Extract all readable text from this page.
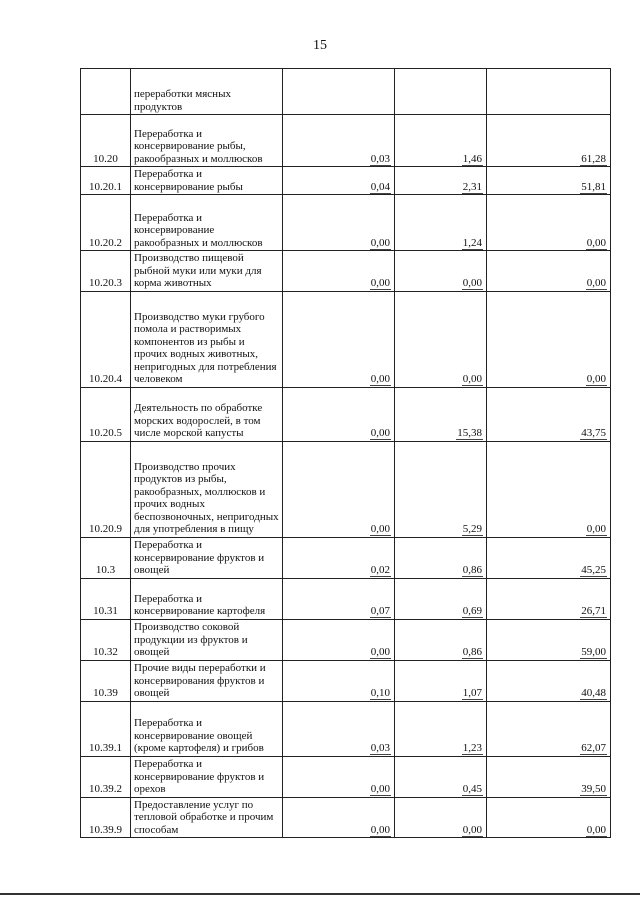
15
	переработки мясных продуктов			
10.20	Переработка и консервирование рыбы, ракообразных и моллюсков	0,03	1,46	61,28
10.20.1	Переработка и консервирование рыбы	0,04	2,31	51,81
10.20.2	Переработка и консервирование ракообразных и моллюсков	0,00	1,24	0,00
10.20.3	Производство пищевой рыбной муки или муки для корма животных	0,00	0,00	0,00
10.20.4	Производство муки грубого помола и растворимых компонентов из рыбы и прочих водных животных, непригодных для потребления человеком	0,00	0,00	0,00
10.20.5	Деятельность по обработке морских водорослей, в том числе морской капусты	0,00	15,38	43,75
10.20.9	Производство прочих продуктов из рыбы, ракообразных, моллюсков и прочих водных беспозвоночных, непригодных для употребления в пищу	0,00	5,29	0,00
10.3	Переработка и консервирование фруктов и овощей	0,02	0,86	45,25
10.31	Переработка и консервирование картофеля	0,07	0,69	26,71
10.32	Производство соковой продукции из фруктов и овощей	0,00	0,86	59,00
10.39	Прочие виды переработки и консервирования фруктов и овощей	0,10	1,07	40,48
10.39.1	Переработка и консервирование овощей (кроме картофеля) и грибов	0,03	1,23	62,07
10.39.2	Переработка и консервирование фруктов и орехов	0,00	0,45	39,50
10.39.9	Предоставление услуг по тепловой обработке и прочим способам	0,00	0,00	0,00
